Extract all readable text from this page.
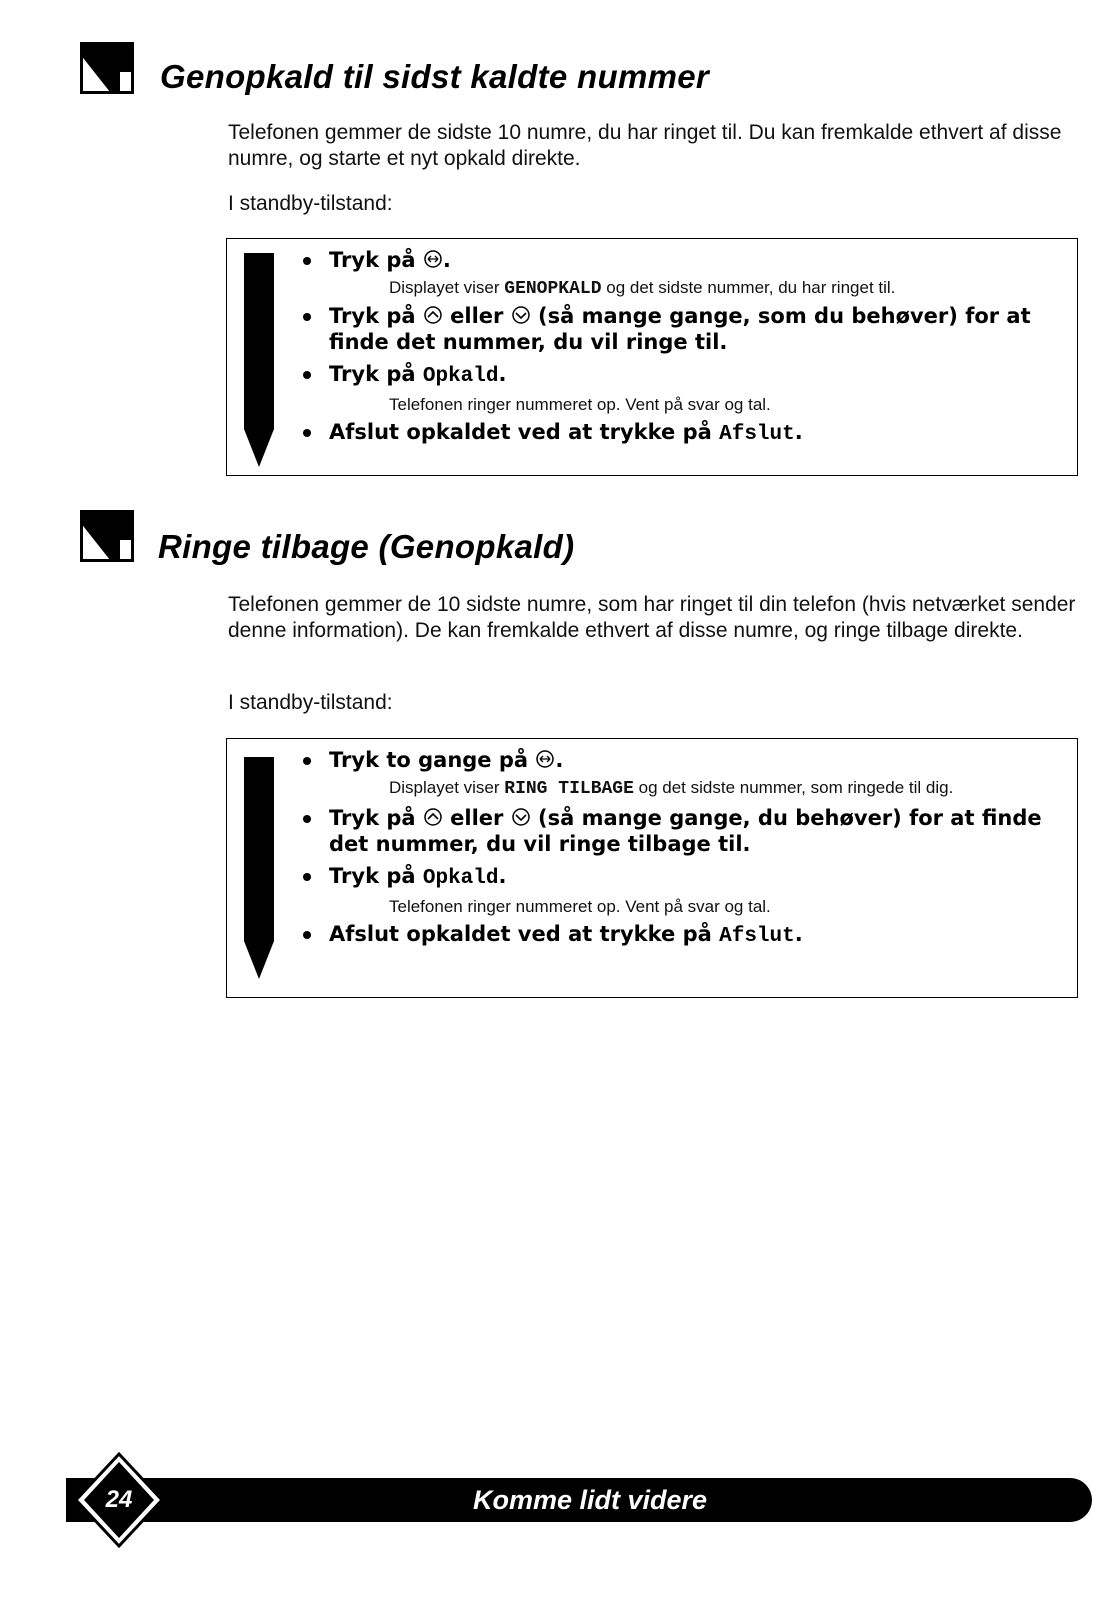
Genopkald til sidst kaldte nummer

Telefonen gemmer de sidste 10 numre, du har ringet til. Du kan fremkalde ethvert af disse numre, og starte et nyt opkald direkte.

I standby-tilstand:

Tryk på .
Displayet viser GENOPKALD og det sidste nummer, du har ringet til.
Tryk på eller (så mange gange, som du behøver) for at finde det nummer, du vil ringe til.
Tryk på Opkald.
Telefonen ringer nummeret op. Vent på svar og tal.
Afslut opkaldet ved at trykke på Afslut.
Ringe tilbage (Genopkald)

Telefonen gemmer de 10 sidste numre, som har ringet til din telefon (hvis netværket sender denne information). De kan fremkalde ethvert af disse numre, og ringe tilbage direkte.

I standby-tilstand:

Tryk to gange på .
Displayet viser RING TILBAGE og det sidste nummer, som ringede til dig.
Tryk på eller (så mange gange, du behøver) for at finde det nummer, du vil ringe tilbage til.
Tryk på Opkald.
Telefonen ringer nummeret op. Vent på svar og tal.
Afslut opkaldet ved at trykke på Afslut.
24	Komme lidt videre
